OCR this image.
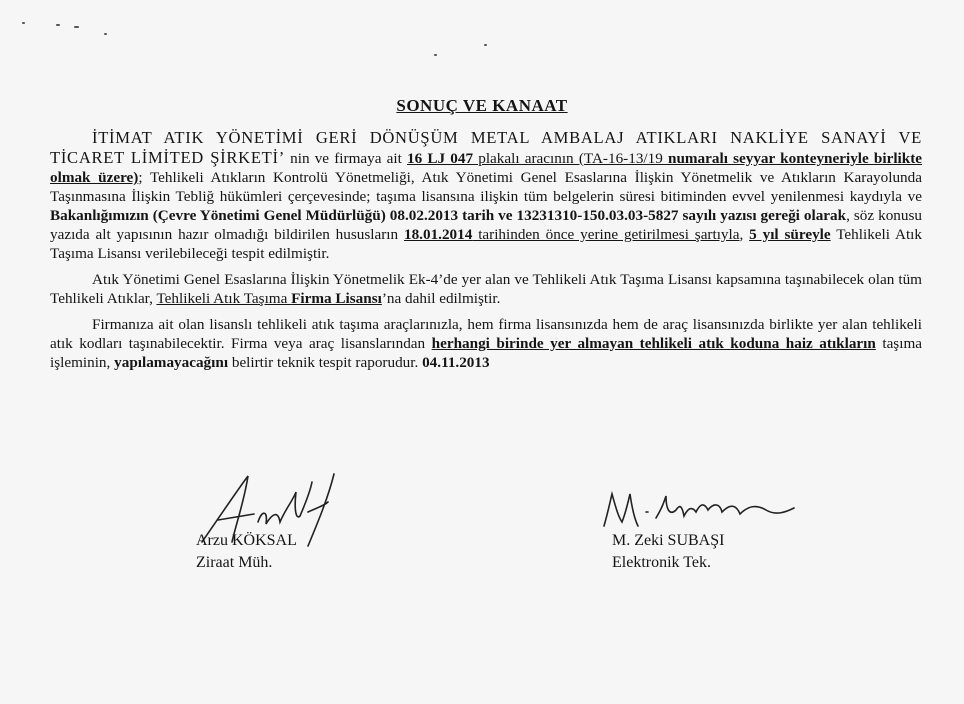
SONUÇ VE KANAAT

İTİMAT ATIK YÖNETİMİ GERİ DÖNÜŞÜM METAL AMBALAJ ATIKLARI NAKLİYE SANAYİ VE TİCARET LİMİTED ŞİRKETİ’ nin ve firmaya ait 16 LJ 047 plakalı aracının (TA-16-13/19 numaralı seyyar konteyneriyle birlikte olmak üzere); Tehlikeli Atıkların Kontrolü Yönetmeliği, Atık Yönetimi Genel Esaslarına İlişkin Yönetmelik ve Atıkların Karayolunda Taşınmasına İlişkin Tebliğ hükümleri çerçevesinde; taşıma lisansına ilişkin tüm belgelerin süresi bitiminden evvel yenilenmesi kaydıyla ve Bakanlığımızın (Çevre Yönetimi Genel Müdürlüğü) 08.02.2013 tarih ve 13231310-150.03.03-5827 sayılı yazısı gereği olarak, söz konusu yazıda alt yapısının hazır olmadığı bildirilen hususların 18.01.2014 tarihinden önce yerine getirilmesi şartıyla, 5 yıl süreyle Tehlikeli Atık Taşıma Lisansı verilebileceği tespit edilmiştir.

Atık Yönetimi Genel Esaslarına İlişkin Yönetmelik Ek-4’de yer alan ve Tehlikeli Atık Taşıma Lisansı kapsamına taşınabilecek olan tüm Tehlikeli Atıklar, Tehlikeli Atık Taşıma Firma Lisansı’na dahil edilmiştir.

Firmanıza ait olan lisanslı tehlikeli atık taşıma araçlarınızla, hem firma lisansınızda hem de araç lisansınızda birlikte yer alan tehlikeli atık kodları taşınabilecektir. Firma veya araç lisanslarından herhangi birinde yer almayan tehlikeli atık koduna haiz atıkların taşıma işleminin, yapılamayacağını belirtir teknik tespit raporudur. 04.11.2013

Arzu KÖKSAL
Ziraat Müh.
M. Zeki SUBAŞI
Elektronik Tek.
